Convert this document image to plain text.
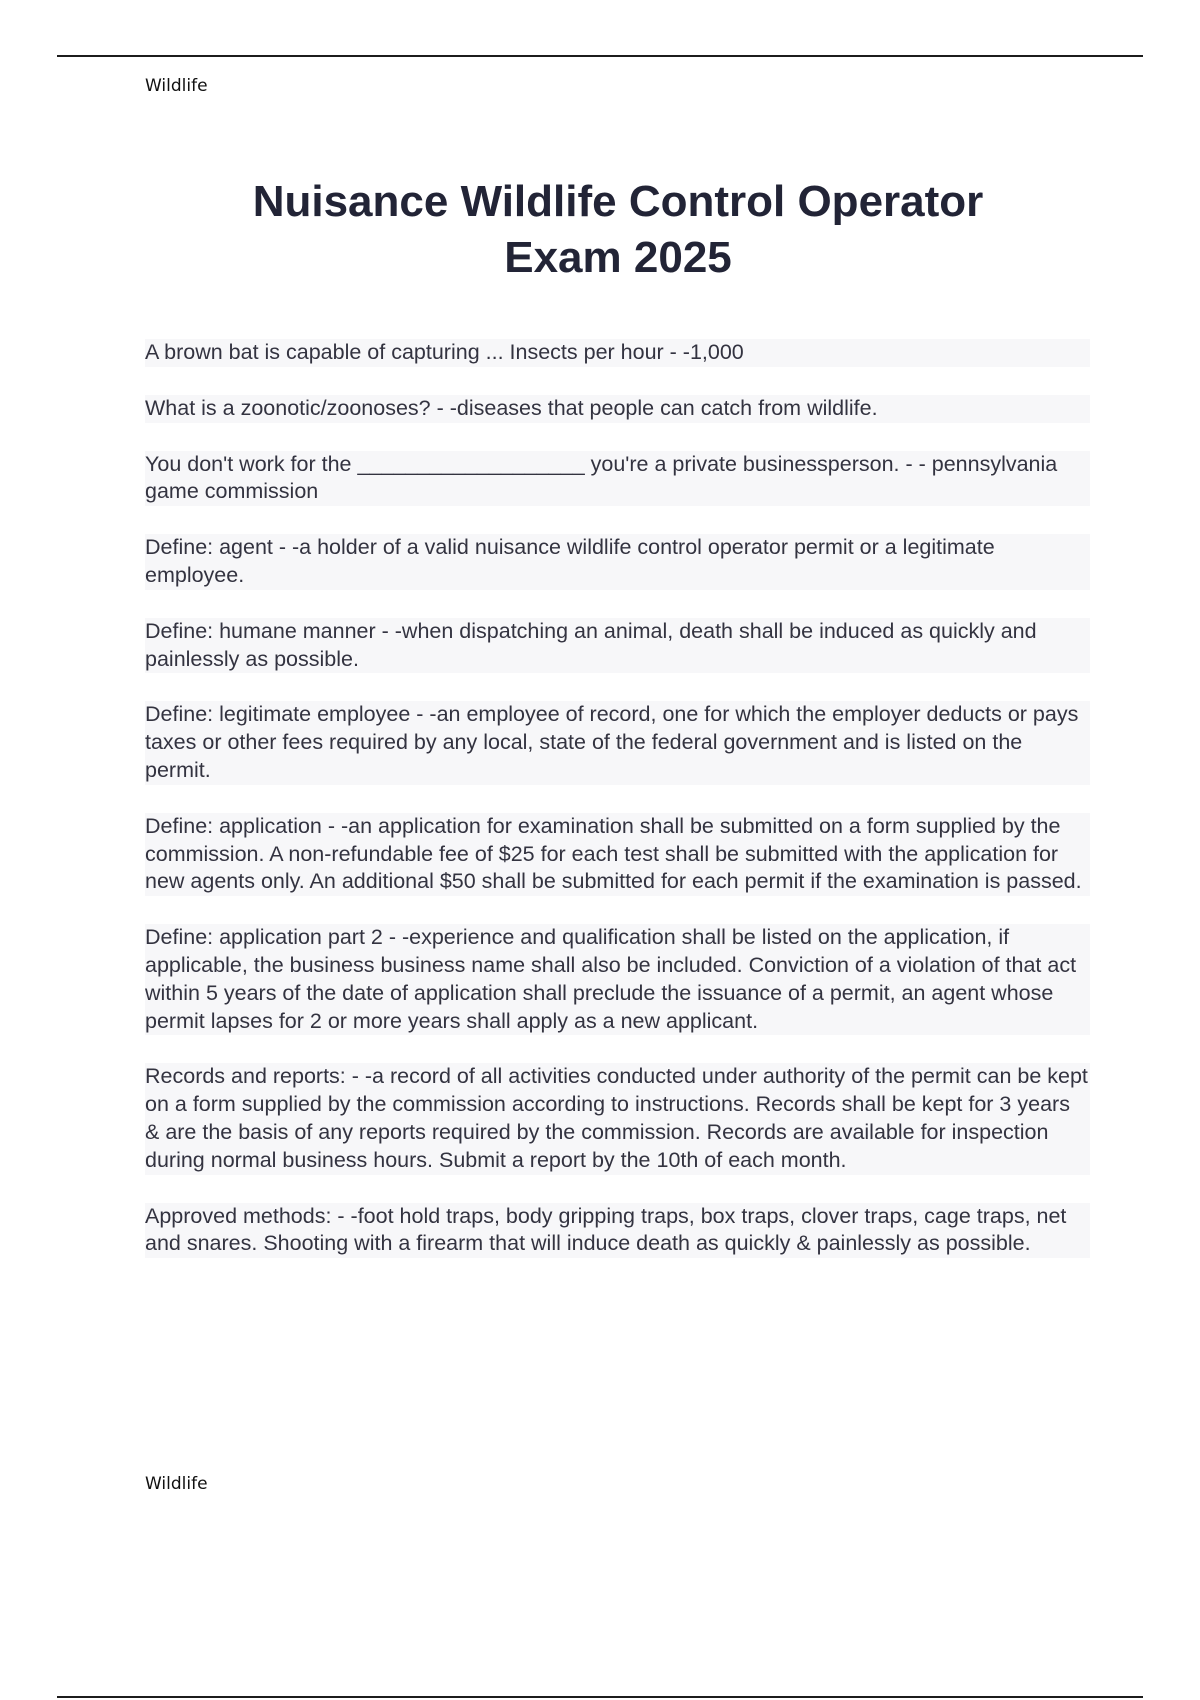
Wildlife
Nuisance Wildlife Control Operator
Exam 2025
A brown bat is capable of capturing ... Insects per hour - -1,000
What is a zoonotic/zoonoses? - -diseases that people can catch from wildlife.
You don't work for the ___________________ you're a private businessperson. - - pennsylvania game commission
Define: agent - -a holder of a valid nuisance wildlife control operator permit or a legitimate employee.
Define: humane manner - -when dispatching an animal, death shall be induced as quickly and painlessly as possible.
Define: legitimate employee - -an employee of record, one for which the employer deducts or pays taxes or other fees required by any local, state of the federal government and is listed on the permit.
Define: application - -an application for examination shall be submitted on a form supplied by the commission. A non-refundable fee of $25 for each test shall be submitted with the application for new agents only. An additional $50 shall be submitted for each permit if the examination is passed.
Define: application part 2 - -experience and qualification shall be listed on the application, if applicable, the business business name shall also be included. Conviction of a violation of that act within 5 years of the date of application shall preclude the issuance of a permit, an agent whose permit lapses for 2 or more years shall apply as a new applicant.
Records and reports: - -a record of all activities conducted under authority of the permit can be kept on a form supplied by the commission according to instructions. Records shall be kept for 3 years & are the basis of any reports required by the commission. Records are available for inspection during normal business hours. Submit a report by the 10th of each month.
Approved methods: - -foot hold traps, body gripping traps, box traps, clover traps, cage traps, net and snares. Shooting with a firearm that will induce death as quickly & painlessly as possible.
Wildlife
